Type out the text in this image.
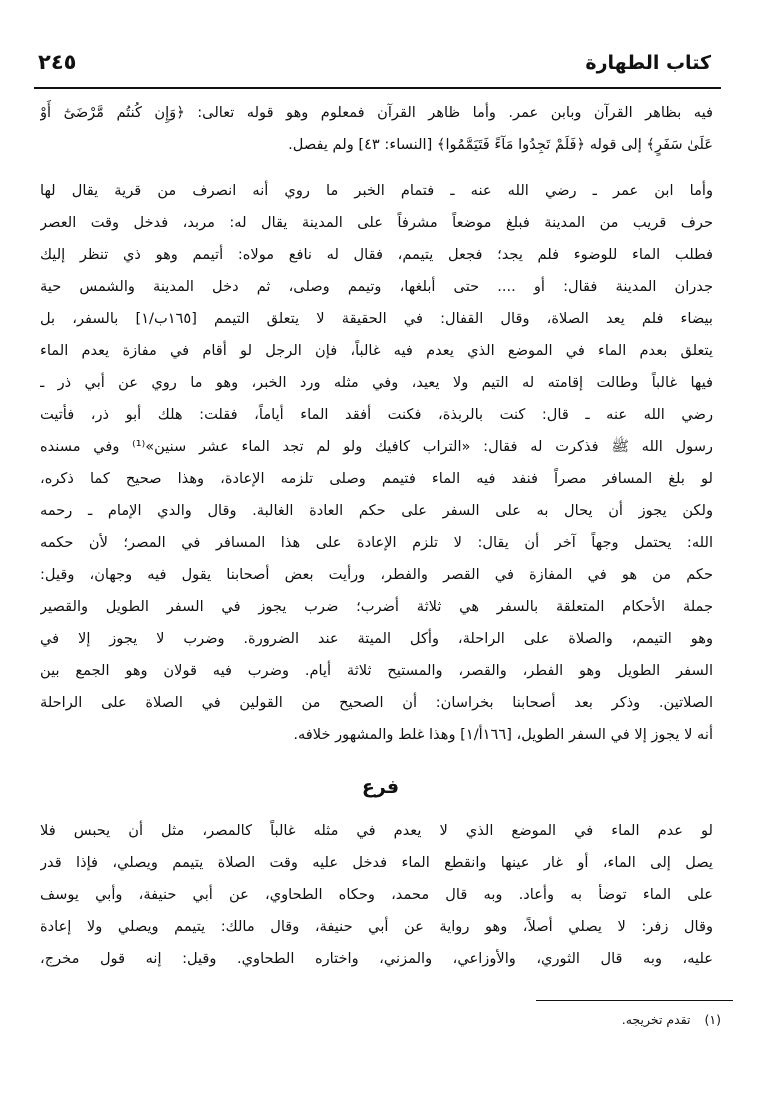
كتاب الطهارة
٢٤٥
فيه بظاهر القرآن وبابن عمر. وأما ظاهر القرآن فمعلوم وهو قوله تعالى: ﴿وَإِن كُنتُم مَّرْضَىٰٓ أَوْ
عَلَىٰ سَفَرٍ﴾ إلى قوله ﴿فَلَمْ تَجِدُوا مَآءً فَتَيَمَّمُوا﴾ [النساء: ٤٣] ولم يفصل.
وأما ابن عمر ـ رضي الله عنه ـ فتمام الخبر ما روي أنه انصرف من قرية يقال لها
حرف قريب من المدينة فبلغ موضعاً مشرفاً على المدينة يقال له: مربد، فدخل وقت العصر
فطلب الماء للوضوء فلم يجد؛ فجعل يتيمم، فقال له نافع مولاه: أتيمم وهو ذي تنظر إليك
جدران المدينة فقال: أو .... حتى أبلغها، وتيمم وصلى، ثم دخل المدينة والشمس حية
بيضاء فلم يعد الصلاة، وقال القفال: في الحقيقة لا يتعلق التيمم [١٦٥ب/١] بالسفر، بل
يتعلق بعدم الماء في الموضع الذي يعدم فيه غالباً، فإن الرجل لو أقام في مفازة يعدم الماء
فيها غالباً وطالت إقامته له التيم ولا يعيد، وفي مثله ورد الخبر، وهو ما روي عن أبي ذر ـ
رضي الله عنه ـ قال: كنت بالربذة، فكنت أفقد الماء أياماً، فقلت: هلك أبو ذر، فأتيت
رسول الله ﷺ فذكرت له فقال: «التراب كافيك ولو لم تجد الماء عشر سنين»⁽¹⁾ وفي مسنده
لو بلغ المسافر مصراً فنفد فيه الماء فتيمم وصلى تلزمه الإعادة، وهذا صحيح كما ذكره،
ولكن يجوز أن يحال به على السفر على حكم العادة الغالبة. وقال والدي الإمام ـ رحمه
الله: يحتمل وجهاً آخر أن يقال: لا تلزم الإعادة على هذا المسافر في المصر؛ لأن حكمه
حكم من هو في المفازة في القصر والفطر، ورأيت بعض أصحابنا يقول فيه وجهان، وقيل:
جملة الأحكام المتعلقة بالسفر هي ثلاثة أضرب؛ ضرب يجوز في السفر الطويل والقصير
وهو التيمم، والصلاة على الراحلة، وأكل الميتة عند الضرورة. وضرب لا يجوز إلا في
السفر الطويل وهو الفطر، والقصر، والمستيح ثلاثة أيام. وضرب فيه قولان وهو الجمع بين
الصلاتين. وذكر بعد أصحابنا بخراسان: أن الصحيح من القولين في الصلاة على الراحلة
أنه لا يجوز إلا في السفر الطويل، [١٦٦أ/١] وهذا غلط والمشهور خلافه.
فرع
لو عدم الماء في الموضع الذي لا يعدم في مثله غالباً كالمصر، مثل أن يحبس فلا
يصل إلى الماء، أو غار عينها وانقطع الماء فدخل عليه وقت الصلاة يتيمم ويصلي، فإذا قدر
على الماء توضأ به وأعاد. وبه قال محمد، وحكاه الطحاوي، عن أبي حنيفة، وأبي يوسف
وقال زفر: لا يصلي أصلاً، وهو رواية عن أبي حنيفة، وقال مالك: يتيمم ويصلي ولا إعادة
عليه، وبه قال الثوري، والأوزاعي، والمزني، واختاره الطحاوي. وقيل: إنه قول مخرج،
(١)تقدم تخريجه.
